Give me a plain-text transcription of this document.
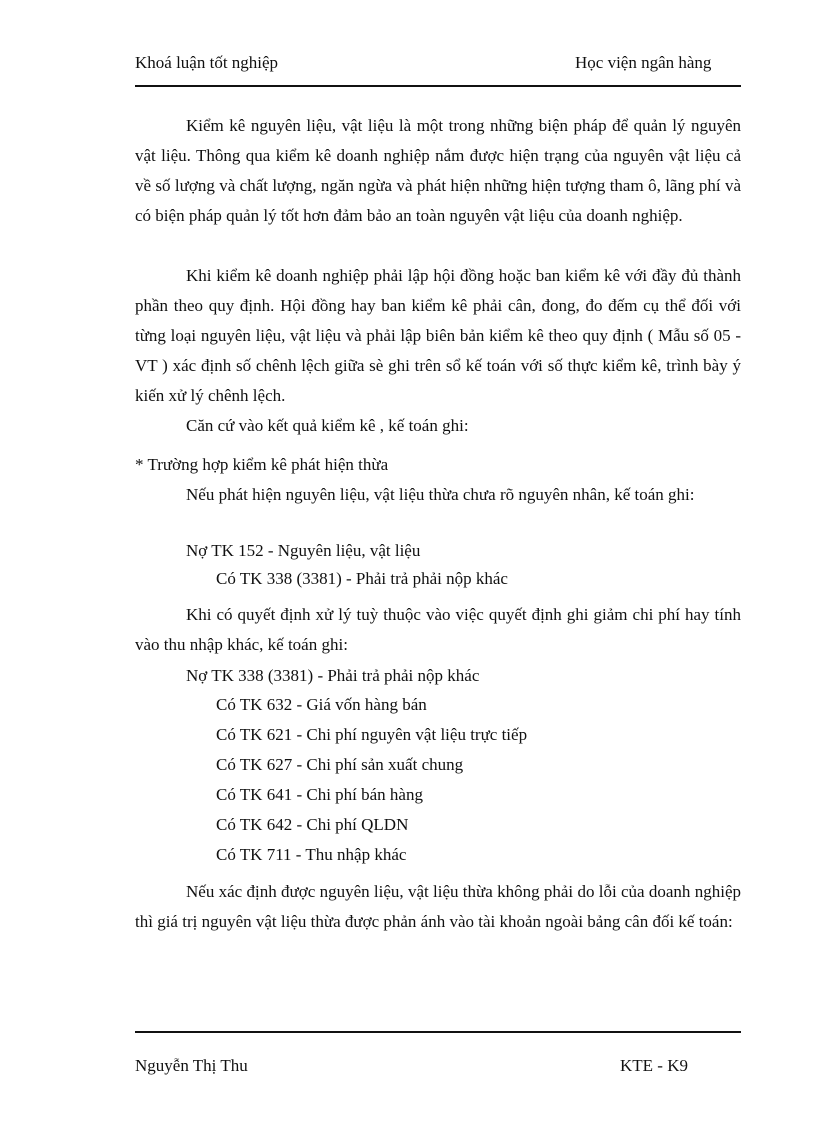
Khoá luận tốt nghiệp	Học viện ngân hàng

Kiểm kê nguyên liệu, vật liệu là một trong những biện pháp để quản lý nguyên vật liệu. Thông qua kiểm kê doanh nghiệp nắm được hiện trạng của nguyên vật liệu cả về số lượng và chất lượng, ngăn ngừa và phát hiện những hiện tượng tham ô, lãng phí và có biện pháp quản lý tốt hơn đảm bảo an toàn nguyên vật liệu của doanh nghiệp.

Khi kiểm kê doanh nghiệp phải lập hội đồng hoặc ban kiểm kê với đầy đủ thành phần theo quy định. Hội đồng hay ban kiểm kê phải cân, đong, đo đếm cụ thể đối với từng loại nguyên liệu, vật liệu và phải lập biên bản kiểm kê theo quy định ( Mẫu số 05 - VT ) xác định số chênh lệch giữa sè ghi trên sổ kế toán với số thực kiểm kê, trình bày ý kiến xử lý chênh lệch.

Căn cứ vào kết quả kiểm kê , kế toán ghi:

* Trường hợp kiểm kê phát hiện thừa

Nếu phát hiện nguyên liệu, vật liệu thừa chưa rõ nguyên nhân, kế toán ghi:

Nợ TK 152 - Nguyên liệu, vật liệu
Có TK 338 (3381) - Phải trả phải nộp khác

Khi có quyết định xử lý tuỳ thuộc vào việc quyết định ghi giảm chi phí hay tính vào thu nhập khác, kế toán ghi:

Nợ TK 338 (3381) - Phải trả phải nộp khác
Có TK 632 - Giá vốn hàng bán
Có TK 621 - Chi phí nguyên vật liệu trực tiếp
Có TK 627 - Chi phí sản xuất chung
Có TK 641 - Chi phí bán hàng
Có TK 642 - Chi phí QLDN
Có TK 711 - Thu nhập khác

Nếu xác định được nguyên liệu, vật liệu thừa không phải do lỗi của doanh nghiệp thì giá trị nguyên vật liệu thừa được phản ánh vào tài khoản ngoài bảng cân đối kế toán:

Nguyễn Thị Thu	KTE - K9
